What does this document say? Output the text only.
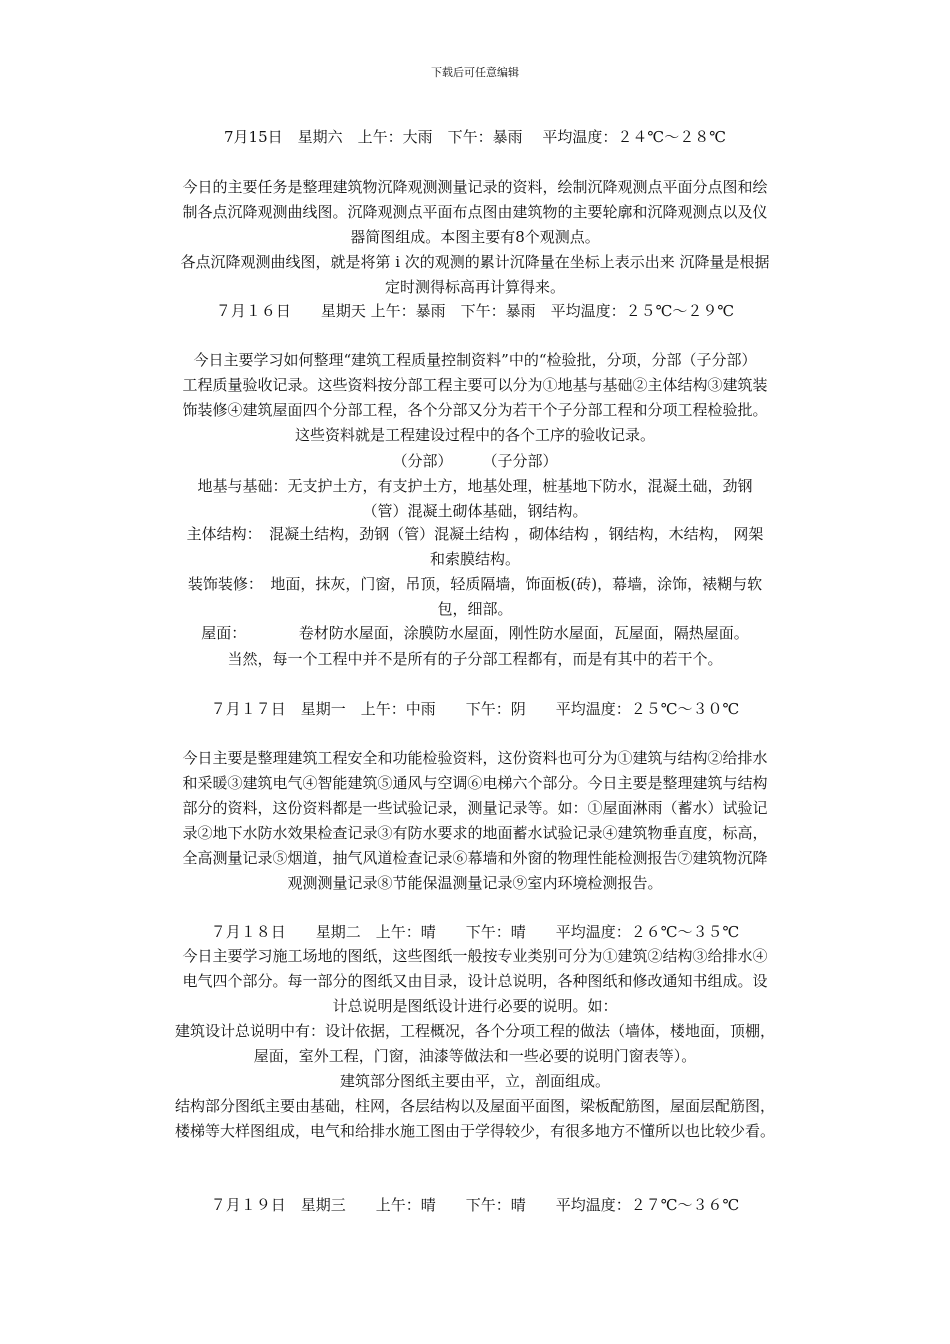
下载后可任意编辑
7月15日　星期六　上午：大雨　下午：暴雨　 平均温度：２４℃～２８℃
今日的主要任务是整理建筑物沉降观测测量记录的资料，绘制沉降观测点平面分点图和绘
制各点沉降观测曲线图。沉降观测点平面布点图由建筑物的主要轮廓和沉降观测点以及仪
器简图组成。本图主要有8个观测点。
各点沉降观测曲线图，就是将第 i 次的观测的累计沉降量在坐标上表示出来 沉降量是根据
定时测得标高再计算得来。
７月１６日　　星期天 上午：暴雨　下午：暴雨　平均温度：２５℃～２９℃
今日主要学习如何整理“建筑工程质量控制资料”中的“检验批，分项，分部（子分部）
工程质量验收记录。这些资料按分部工程主要可以分为①地基与基础②主体结构③建筑装
饰装修④建筑屋面四个分部工程，各个分部又分为若干个子分部工程和分项工程检验批。
这些资料就是工程建设过程中的各个工序的验收记录。
（分部）　　　（子分部）
地基与基础：无支护土方，有支护土方，地基处理，桩基地下防水，混凝土础，劲钢
（管）混凝土砌体基础，钢结构。
主体结构：　混凝土结构，劲钢（管）混凝土结构 ，砌体结构 ，钢结构，木结构， 网架
和索膜结构。
装饰装修：　地面，抹灰，门窗，吊顶，轻质隔墙，饰面板(砖)，幕墙，涂饰，裱糊与软
包，细部。
屋面：　　　　卷材防水屋面，涂膜防水屋面，刚性防水屋面，瓦屋面，隔热屋面。
当然，每一个工程中并不是所有的子分部工程都有，而是有其中的若干个。
７月１７日　星期一　上午：中雨　　下午：阴　　平均温度：２５℃～３０℃
今日主要是整理建筑工程安全和功能检验资料，这份资料也可分为①建筑与结构②给排水
和采暖③建筑电气④智能建筑⑤通风与空调⑥电梯六个部分。今日主要是整理建筑与结构
部分的资料，这份资料都是一些试验记录，测量记录等。如：①屋面淋雨（蓄水）试验记
录②地下水防水效果检查记录③有防水要求的地面蓄水试验记录④建筑物垂直度，标高，
全高测量记录⑤烟道，抽气风道检查记录⑥幕墙和外窗的物理性能检测报告⑦建筑物沉降
观测测量记录⑧节能保温测量记录⑨室内环境检测报告。
７月１８日　　星期二　上午：晴　　下午：晴　　平均温度：２６℃～３５℃
今日主要学习施工场地的图纸，这些图纸一般按专业类别可分为①建筑②结构③给排水④
电气四个部分。每一部分的图纸又由目录，设计总说明，各种图纸和修改通知书组成。设
计总说明是图纸设计进行必要的说明。如：
建筑设计总说明中有：设计依据，工程概况，各个分项工程的做法（墙体，楼地面，顶棚，
屋面，室外工程，门窗，油漆等做法和一些必要的说明门窗表等）。
建筑部分图纸主要由平，立，剖面组成。
结构部分图纸主要由基础，柱网，各层结构以及屋面平面图，梁板配筋图，屋面层配筋图，
楼梯等大样图组成，电气和给排水施工图由于学得较少，有很多地方不懂所以也比较少看。
７月１９日　星期三　　上午：晴　　下午：晴　　平均温度：２７℃～３６℃
